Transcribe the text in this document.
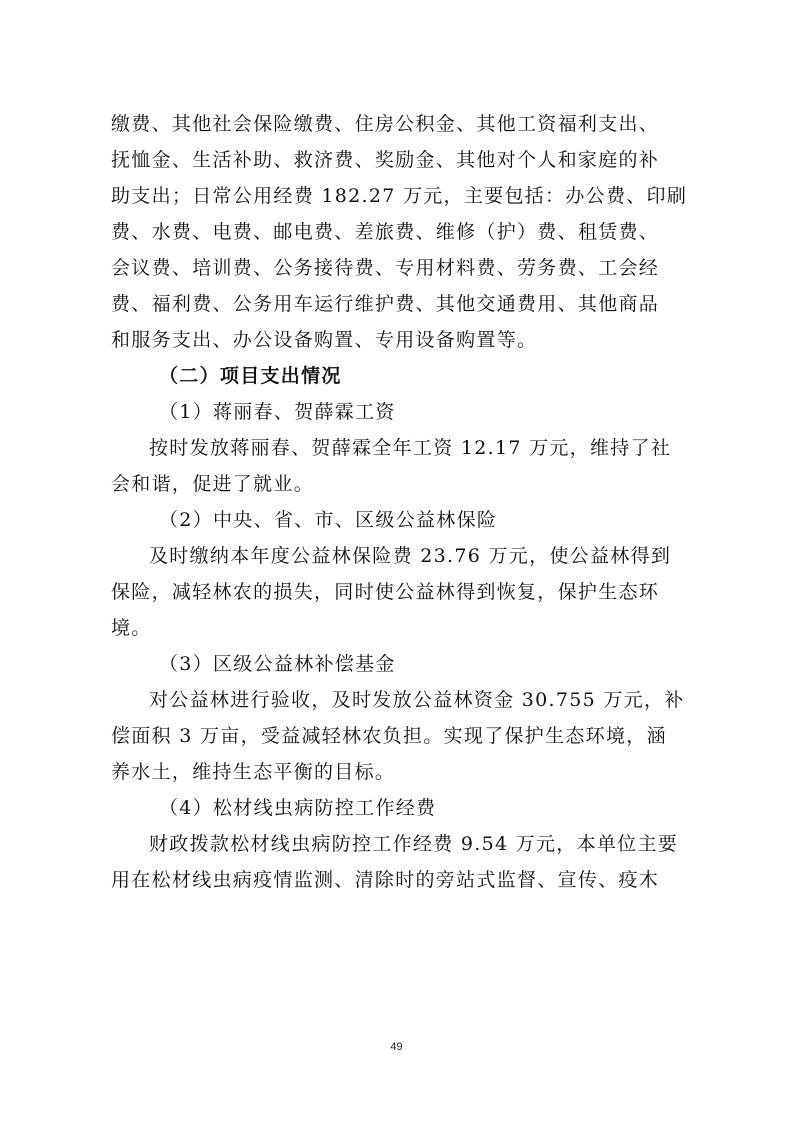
缴费、其他社会保险缴费、住房公积金、其他工资福利支出、
抚恤金、生活补助、救济费、奖励金、其他对个人和家庭的补
助支出；日常公用经费 182.27 万元，主要包括：办公费、印刷
费、水费、电费、邮电费、差旅费、维修（护）费、租赁费、
会议费、培训费、公务接待费、专用材料费、劳务费、工会经
费、福利费、公务用车运行维护费、其他交通费用、其他商品
和服务支出、办公设备购置、专用设备购置等。
（二）项目支出情况
（1）蒋丽春、贺薛霖工资
按时发放蒋丽春、贺薛霖全年工资 12.17 万元，维持了社
会和谐，促进了就业。
（2）中央、省、市、区级公益林保险
及时缴纳本年度公益林保险费 23.76 万元，使公益林得到
保险，减轻林农的损失，同时使公益林得到恢复，保护生态环
境。
（3）区级公益林补偿基金
对公益林进行验收，及时发放公益林资金 30.755 万元，补
偿面积 3 万亩，受益减轻林农负担。实现了保护生态环境，涵
养水土，维持生态平衡的目标。
（4）松材线虫病防控工作经费
财政拨款松材线虫病防控工作经费 9.54 万元，本单位主要
用在松材线虫病疫情监测、清除时的旁站式监督、宣传、疫木
49
